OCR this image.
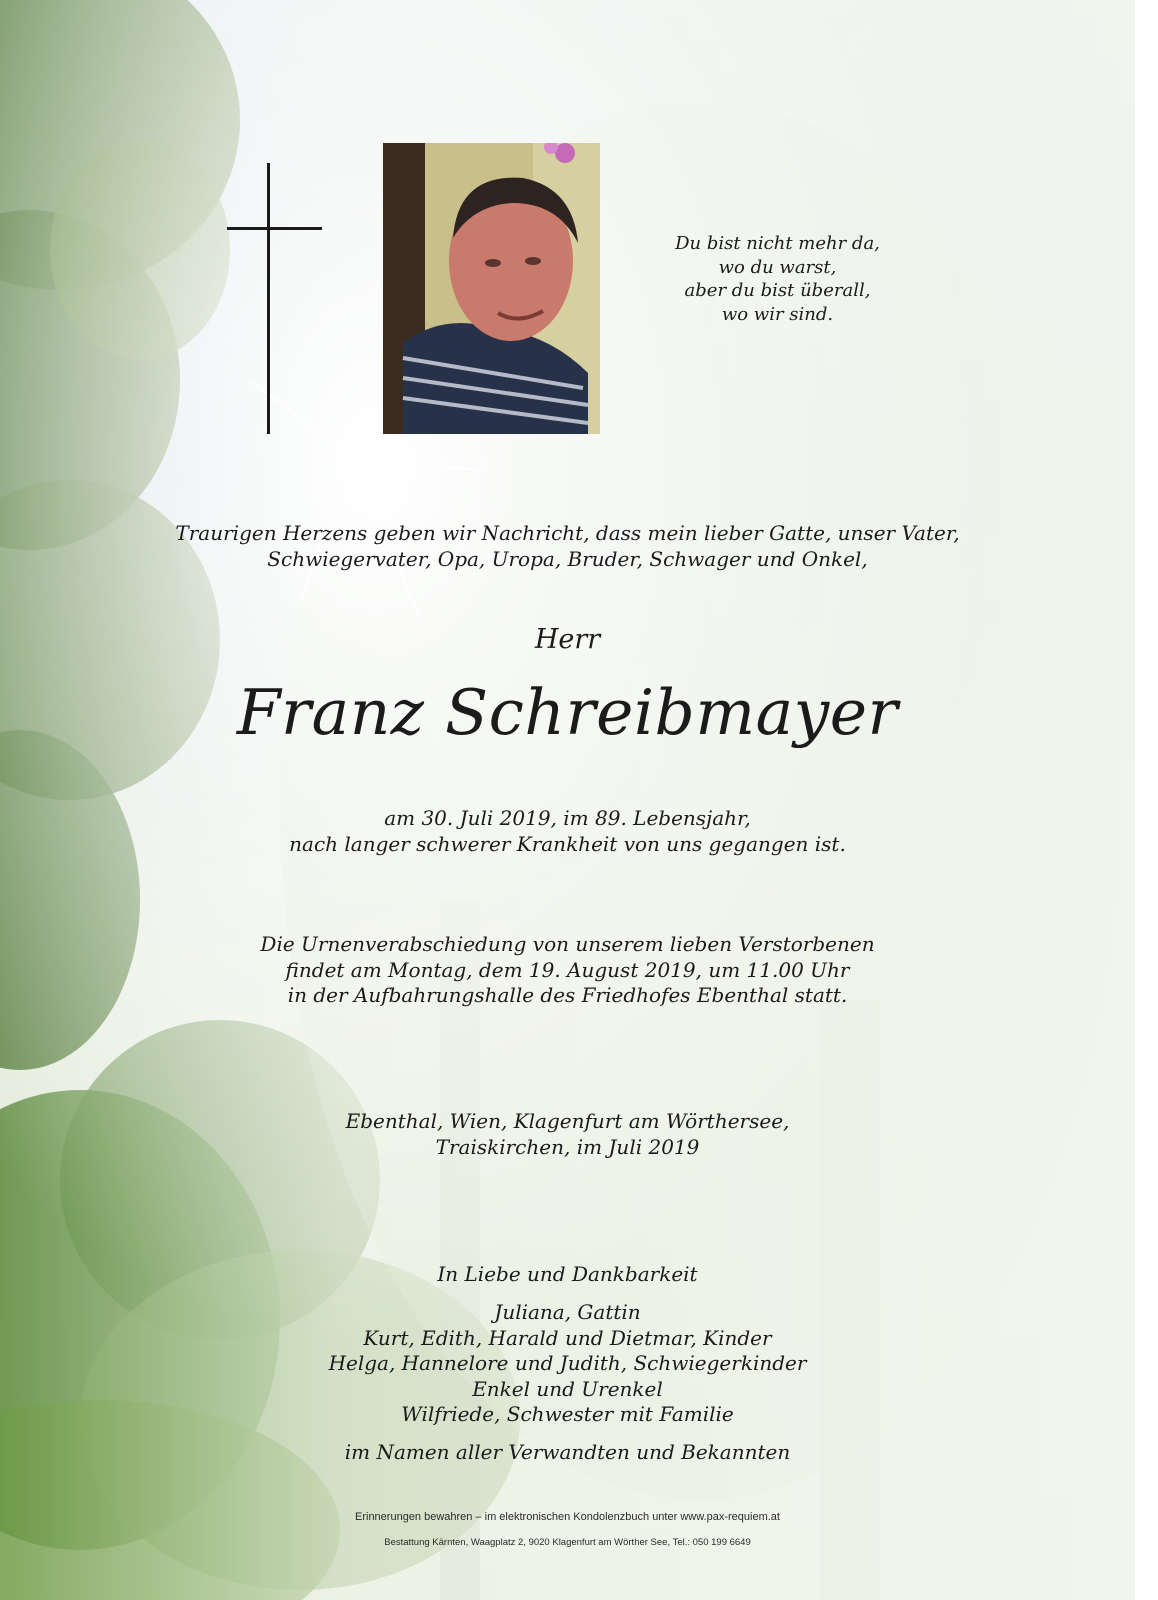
Du bist nicht mehr da,
wo du warst,
aber du bist überall,
wo wir sind.
Traurigen Herzens geben wir Nachricht, dass mein lieber Gatte, unser Vater,
Schwiegervater, Opa, Uropa, Bruder, Schwager und Onkel,
Herr
Franz Schreibmayer
am 30. Juli 2019, im 89. Lebensjahr,
nach langer schwerer Krankheit von uns gegangen ist.
Die Urnenverabschiedung von unserem lieben Verstorbenen
findet am Montag, dem 19. August 2019, um 11.00 Uhr
in der Aufbahrungshalle des Friedhofes Ebenthal statt.
Ebenthal, Wien, Klagenfurt am Wörthersee,
Traiskirchen, im Juli 2019
In Liebe und Dankbarkeit
Juliana, Gattin
Kurt, Edith, Harald und Dietmar, Kinder
Helga, Hannelore und Judith, Schwiegerkinder
Enkel und Urenkel
Wilfriede, Schwester mit Familie
im Namen aller Verwandten und Bekannten
Erinnerungen bewahren – im elektronischen Kondolenzbuch unter www.pax-requiem.at
Bestattung Kärnten, Waagplatz 2, 9020 Klagenfurt am Wörther See, Tel.: 050 199 6649
